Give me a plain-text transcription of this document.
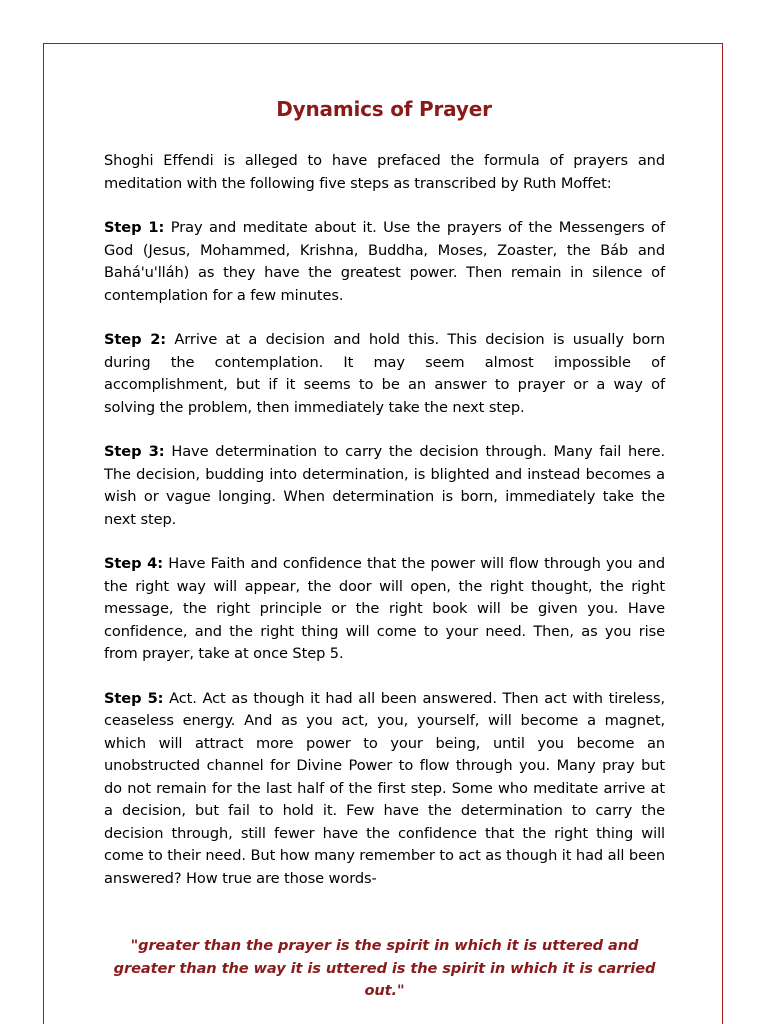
Dynamics of Prayer

Shoghi Effendi is alleged to have prefaced the formula of prayers and meditation with the following five steps as transcribed by Ruth Moffet:

Step 1: Pray and meditate about it. Use the prayers of the Messengers of God (Jesus, Mohammed, Krishna, Buddha, Moses, Zoaster, the Báb and Bahá'u'lláh) as they have the greatest power. Then remain in silence of contemplation for a few minutes.

Step 2: Arrive at a decision and hold this. This decision is usually born during the contemplation. It may seem almost impossible of accomplishment, but if it seems to be an answer to prayer or a way of solving the problem, then immediately take the next step.

Step 3: Have determination to carry the decision through. Many fail here. The decision, budding into determination, is blighted and instead becomes a wish or vague longing. When determination is born, immediately take the next step.

Step 4: Have Faith and confidence that the power will flow through you and the right way will appear, the door will open, the right thought, the right message, the right principle or the right book will be given you. Have confidence, and the right thing will come to your need. Then, as you rise from prayer, take at once Step 5.

Step 5: Act. Act as though it had all been answered. Then act with tireless, ceaseless energy. And as you act, you, yourself, will become a magnet, which will attract more power to your being, until you become an unobstructed channel for Divine Power to flow through you. Many pray but do not remain for the last half of the first step. Some who meditate arrive at a decision, but fail to hold it. Few have the determination to carry the decision through, still fewer have the confidence that the right thing will come to their need. But how many remember to act as though it had all been answered? How true are those words-

"greater than the prayer is the spirit in which it is uttered and greater than the way it is uttered is the spirit in which it is carried out."
